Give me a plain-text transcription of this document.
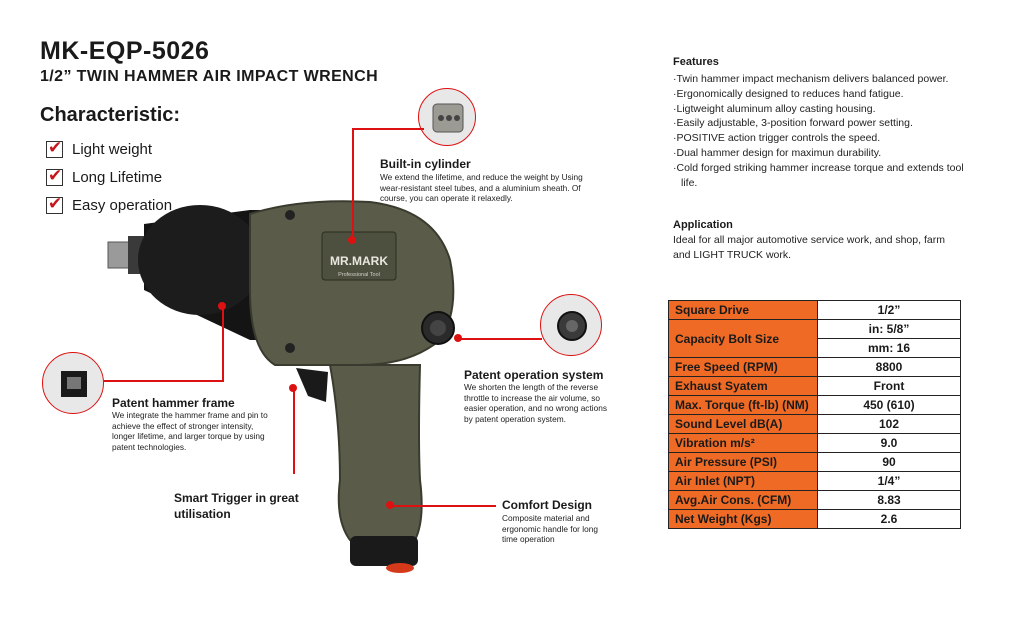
MK-EQP-5026
1/2” TWIN HAMMER AIR IMPACT WRENCH
Characteristic:
✔
Light weight
✔
Long Lifetime
✔
Easy operation
MR.MARK
Professional Tool
Built-in cylinder
We extend the lifetime, and reduce the weight by Using wear-resistant steel tubes, and a aluminium sheath. Of course, you can operate it relaxedly.
Patent hammer frame
We integrate the hammer frame and pin to achieve the effect of stronger intensity, longer lifetime, and larger torque by using patent technologies.
Patent operation system
We shorten the length of the reverse throttle to increase the air volume, so easier operation, and no wrong actions by patent operation system.
Smart Trigger in great utilisation
Comfort Design
Composite material and ergonomic handle for long time operation
Features
· Twin hammer impact mechanism delivers balanced power.
· Ergonomically designed to reduces hand fatigue.
· Ligtweight aluminum alloy casting housing.
· Easily adjustable, 3-position forward power setting.
· POSITIVE action trigger controls the speed.
· Dual hammer design for maximun durability.
· Cold forged striking hammer increase torque and extends tool life.
Application
Ideal for all major automotive service work, and shop, farm and LIGHT TRUCK work.
Square Drive	1/2”
Capacity Bolt Size	in: 5/8”
	mm: 16
Free Speed (RPM)	8800
Exhaust Syatem	Front
Max. Torque (ft-lb) (NM)	450 (610)
Sound Level dB(A)	102
Vibration m/s²	9.0
Air Pressure (PSI)	90
Air Inlet (NPT)	1/4”
Avg.Air Cons. (CFM)	8.83
Net Weight (Kgs)	2.6
